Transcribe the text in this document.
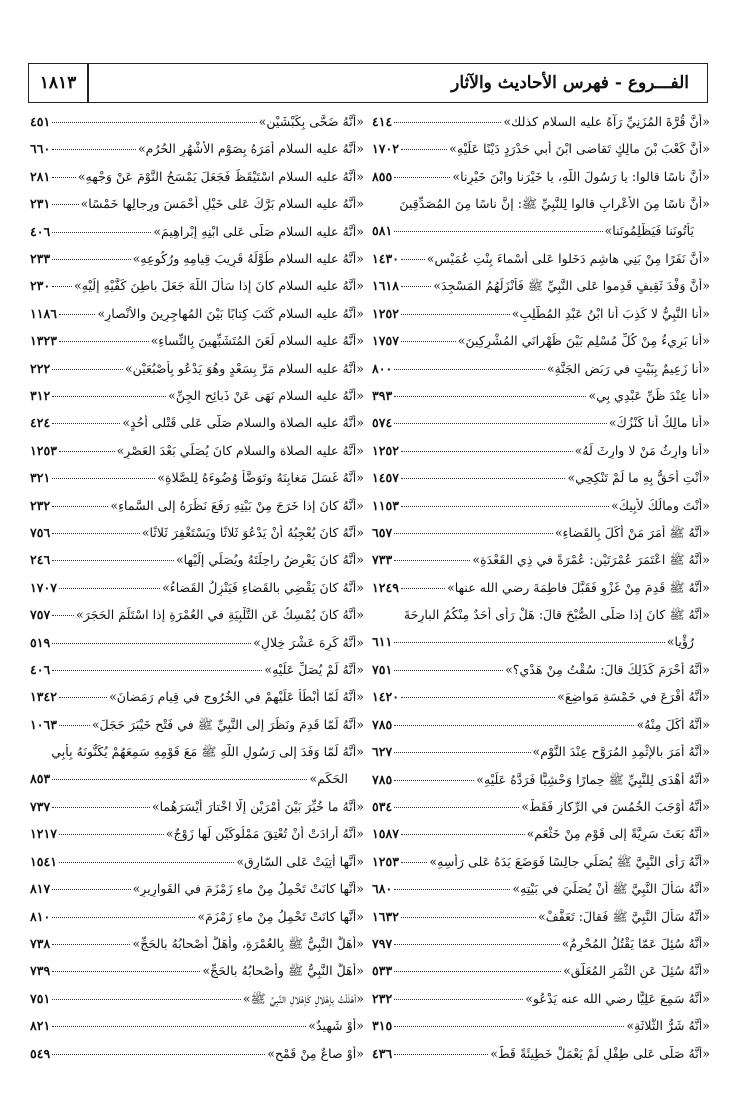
الفـــروع - فهرس الأحاديث والآثار
١٨١٣
«أنَّ قُرَّةَ المُزَنِيِّ رَآهُ عليه السلام كذلك»
٤١٤
«أنَّ كَعْبَ بْنَ مالِكٍ تَقاضى ابْنَ أبي حَدْرَدٍ دَيْنًا عَلَيْهِ»
١٧٠٢
«أنَّ ناسًا قالوا: يا رَسُولَ اللَّهِ، يا خَيْرَنا وابْنَ خَيْرِنا»
٨٥٥
«أنَّ ناسًا مِنَ الأعْرابِ قالوا لِلنَّبِيِّ ﷺ: إنَّ ناسًا مِنَ المُصَدِّقِينَ
يَأْتُونَنا فَيَظْلِمُونَنا»
٥٨١
«أنَّ نَفَرًا مِنْ بَنِي هاشِمٍ دَخَلوا عَلى أسْماءَ بِنْتِ عُمَيْسٍ»
١٤٣٠
«أنَّ وَفْدَ ثَقِيفٍ قَدِموا عَلى النَّبِيِّ ﷺ فَأنْزَلَهُمُ المَسْجِدَ»
١٦١٨
«أنا النَّبِيُّ لا كَذِبَ أنا ابْنُ عَبْدِ المُطَّلِبِ»
١٢٥٢
«أنا بَرِيءٌ مِنْ كُلِّ مُسْلِمٍ بَيْنَ ظَهْرانَيِ المُشْرِكِينَ»
١٧٥٧
«أنا زَعِيمٌ بِبَيْتٍ في رَبَضِ الجَنَّةِ»
٨٠٠
«أنا عِنْدَ ظَنِّ عَبْدِي بِي»
٣٩٣
«أنا مالِكٌ أنا كَنْزُكَ»
٥٧٤
«أنا وارِثُ مَنْ لا وارِثَ لَهُ»
١٢٥٢
«أنْتِ أحَقُّ بِهِ ما لَمْ تَنْكِحِي»
١٤٥٧
«أنْتَ ومالُكَ لأبِيكَ»
١١٥٣
«أنَّهُ ﷺ أمَرَ مَنْ أكَلَ بِالقَضاءِ»
٦٥٧
«أنَّهُ ﷺ اعْتَمَرَ عُمْرَتَيْنِ: عُمْرَةً في ذِي القَعْدَةِ»
٧٣٣
«أنَّهُ ﷺ قَدِمَ مِنْ غَزْوٍ فَقَبَّلَ فاطِمَةَ رضي الله عنها»
١٢٤٩
«أنَّهُ ﷺ كانَ إذا صَلَّى الصُّبْحَ قالَ: هَلْ رَأى أحَدٌ مِنْكُمُ البارِحَةَ
رُؤْيا»
٦١١
«أنَّهُ أحْرَمَ كَذَلِكَ قالَ: سُقْتُ مِنْ هَدْيٍ؟»
٧٥١
«أنَّهُ أقْرَعَ في خَمْسَةِ مَواضِعَ»
١٤٢٠
«أنَّهُ أكَلَ مِنْهُ»
٧٨٥
«أنَّهُ أمَرَ بالإثْمِدِ المُرَوَّحِ عِنْدَ النَّوْمِ»
٦٢٧
«أنَّهُ أهْدَى لِلنَّبِيِّ ﷺ حِمارًا وَحْشِيًّا فَرَدَّهُ عَلَيْهِ»
٧٨٥
«أنَّهُ أوْجَبَ الخُمُسَ في الرِّكازِ فَقَطْ»
٥٣٤
«أنَّهُ بَعَثَ سَرِيَّةً إلى قَوْمٍ مِنْ خَثْعَمٍ»
١٥٨٧
«أنَّهُ رَأى النَّبِيَّ ﷺ يُصَلِّي جالِسًا فَوَضَعَ يَدَهُ عَلى رَأْسِهِ»
١٢٥٣
«أنَّهُ سَألَ النَّبِيَّ ﷺ أنْ يُصَلِّيَ في بَيْتِهِ»
٦٨٠
«أنَّهُ سَألَ النَّبِيَّ ﷺ فَقالَ: تَعَفَّفْ»
١٦٣٢
«أنَّهُ سُئِلَ عَمّا يَقْتُلُ المُحْرِمُ»
٧٩٧
«أنَّهُ سُئِلَ عَنِ الثَّمَرِ المُعَلَّقِ»
٥٣٣
«أنَّهُ سَمِعَ عَلِيًّا رضي الله عنه يَدْعُو»
٢٣٢
«أنَّهُ شَرُّ الثَّلاثَةِ»
٣١٥
«أنَّهُ صَلَّى عَلى طِفْلٍ لَمْ يَعْمَلْ خَطِيئَةً قَطُّ»
٤٣٦
«أنَّهُ ضَحَّى بِكَبْشَيْنِ»
٤٥١
«أنَّهُ عليه السلام أمَرَهُ بِصَوْمِ الأشْهُرِ الحُرُمِ»
٦٦٠
«أنَّهُ عليه السلام اسْتَيْقَظَ فَجَعَلَ يَمْسَحُ النَّوْمَ عَنْ وَجْهِهِ»
٢٨١
«أنَّهُ عليه السلام بَرَّكَ عَلى خَيْلِ أحْمَسَ ورِجالِها خَمْسًا»
٢٣١
«أنَّهُ عليه السلام صَلَّى عَلى ابْنِهِ إبْراهِيمَ»
٤٠٦
«أنَّهُ عليه السلام طَوَّلَهُ قَرِيبَ قِيامِهِ ورُكُوعِهِ»
٢٣٣
«أنَّهُ عليه السلام كانَ إذا سَألَ اللَّهَ جَعَلَ باطِنَ كَفَّيْهِ إلَيْهِ»
٢٣٠
«أنَّهُ عليه السلام كَتَبَ كِتابًا بَيْنَ المُهاجِرِينَ والأنْصارِ»
١١٨٦
«أنَّهُ عليه السلام لَعَنَ المُتَشَبِّهِينَ بِالنِّساءِ»
١٣٢٣
«أنَّهُ عليه السلام مَرَّ بِسَعْدٍ وهُوَ يَدْعُو بِأُصْبُعَيْنِ»
٢٢٢
«أنَّهُ عليه السلام نَهَى عَنْ ذَبائِحِ الجِنِّ»
٣١٢
«أنَّهُ عليه الصلاة والسلام صَلَّى عَلى قَتْلى أُحُدٍ»
٤٢٤
«أنَّهُ عليه الصلاة والسلام كانَ يُصَلِّي بَعْدَ العَصْرِ»
١٢٥٣
«أنَّهُ غَسَلَ مَغابِنَهُ وتَوَضَّأَ وُضُوءَهُ لِلصَّلاةِ»
٣٢١
«أنَّهُ كانَ إذا خَرَجَ مِنْ بَيْتِهِ رَفَعَ نَظَرَهُ إلى السَّماءِ»
٢٣٢
«أنَّهُ كانَ يُعْجِبُهُ أنْ يَدْعُوَ ثَلاثًا ويَسْتَغْفِرَ ثَلاثًا»
٧٥٦
«أنَّهُ كانَ يَعْرِضُ راحِلَتَهُ ويُصَلِّي إلَيْها»
٢٤٦
«أنَّهُ كانَ يَقْضِي بالقَضاءِ فَيَنْزِلُ القَضاءُ»
١٧٠٧
«أنَّهُ كانَ يُمْسِكُ عَنِ التَّلْبِيَةِ في العُمْرَةِ إذا اسْتَلَمَ الحَجَرَ»
٧٥٧
«أنَّهُ كَرِهَ عَشْرَ خِلالٍ»
٥١٩
«أنَّهُ لَمْ يُصَلِّ عَلَيْهِ»
٤٠٦
«أنَّهُ لَمّا أبْطَأَ عَلَيْهِمْ في الخُرُوجِ في قِيامِ رَمَضانَ»
١٣٤٢
«أنَّهُ لَمّا قَدِمَ ونَظَرَ إلى النَّبِيِّ ﷺ في فَتْحِ خَيْبَرَ حَجَلَ»
١٠٦٣
«أنَّهُ لَمّا وَفَدَ إلى رَسُولِ اللَّهِ ﷺ مَعَ قَوْمِهِ سَمِعَهُمْ يُكَنُّونَهُ بِأبِي
الحَكَمِ»
٨٥٣
«أنَّهُ ما خُيِّرَ بَيْنَ أمْرَيْنِ إلّا اخْتارَ أيْسَرَهُما»
٧٣٧
«أنَّهُ أرادَتْ أنْ تُعْتِقَ مَمْلُوكَيْنِ لَها زَوْجٌ»
١٢١٧
«أنَّها أُتِيَتْ عَلى السّارِقِ»
١٥٤١
«أنَّها كانَتْ تَحْمِلُ مِنْ ماءِ زَمْزَمَ في القَوارِيرِ»
٨١٧
«أنَّها كانَتْ تَحْمِلُ مِنْ ماءِ زَمْزَمَ»
٨١٠
«أهَلَّ النَّبِيُّ ﷺ بِالعُمْرَةِ، وأهَلَّ أصْحابُهُ بالحَجِّ»
٧٣٨
«أهَلَّ النَّبِيُّ ﷺ وأصْحابُهُ بالحَجِّ»
٧٣٩
«أهْلَلْتُ بِإهْلالٍ كَإهْلالِ النَّبِيِّ ﷺ»
٧٥١
«أوْ شَهِيدٌ»
٨٢١
«أوْ صاعٌ مِنْ قَمْحٍ»
٥٤٩
